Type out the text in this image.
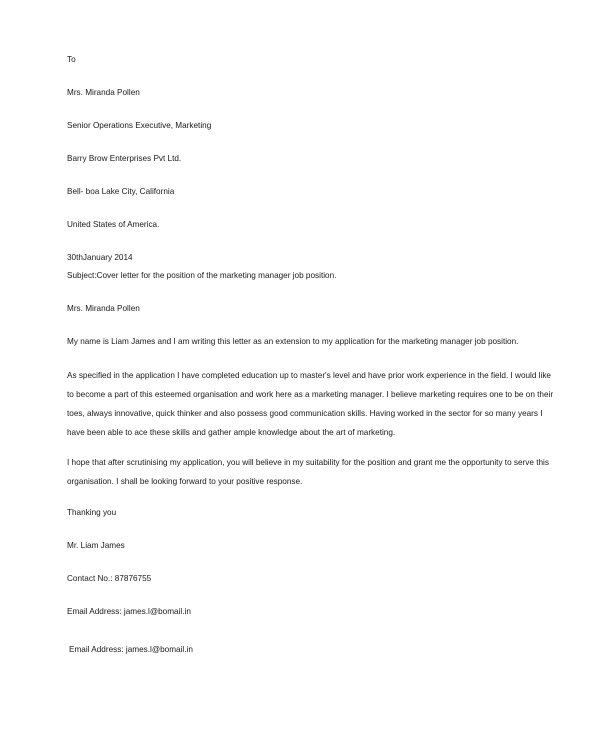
To

Mrs. Miranda Pollen

Senior Operations Executive, Marketing

Barry Brow Enterprises Pvt Ltd.

Bell- boa Lake City, California

United States of America.

30thJanuary 2014

Subject:Cover letter for the position of the marketing manager job position.

Mrs. Miranda Pollen

My name is Liam James and I am writing this letter as an extension to my application for the marketing manager job position.

As specified in the application I have completed education up to master's level and have prior work experience in the field. I would like
to become a part of this esteemed organisation and work here as a marketing manager. I believe marketing requires one to be on their
toes, always innovative, quick thinker and also possess good communication skills. Having worked in the sector for so many years I
have been able to ace these skills and gather ample knowledge about the art of marketing.
I hope that after scrutinising my application, you will believe in my suitability for the position and grant me the opportunity to serve this
organisation. I shall be looking forward to your positive response.

Thanking you

Mr. Liam James

Contact No.: 87876755

Email Address: james.l@bomail.in

Email Address: james.l@bomail.in
